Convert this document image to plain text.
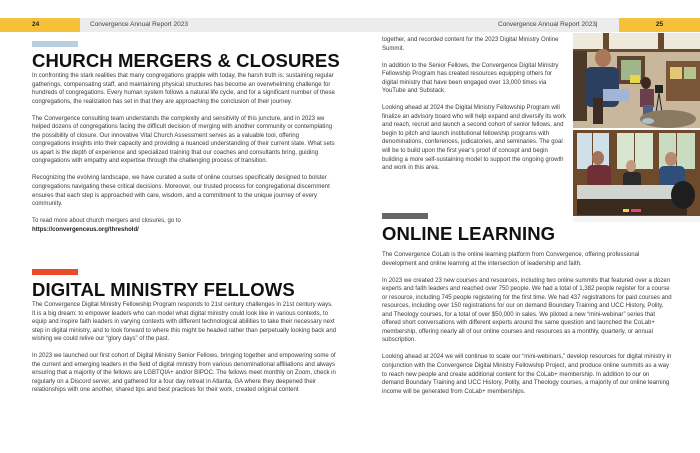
24	Convergence Annual Report 2023	Convergence Annual Report 2023|	25
CHURCH MERGERS & CLOSURES

In confronting the stark realities that many congregations grapple with today, the harsh truth is: sustaining regular gatherings, compensating staff, and maintaining physical structures has become an overwhelming challenge for hundreds of congregations. Every human system follows a natural life cycle, and for a significant number of these congregations, the realization has set in that they are approaching the conclusion of their journey.

The Convergence consulting team understands the complexity and sensitivity of this juncture, and in 2023 we helped dozens of congregations facing the difficult decision of merging with another community or contemplating the possibility of closure. Our innovative Vital Church Assessment serves as a valuable tool, offering congregations insights into their capacity and providing a nuanced understanding of their current state. What sets us apart is the depth of experience and specialized training that our coaches and consultants bring, guiding congregations with empathy and expertise through the challenging process of transition.

Recognizing the evolving landscape, we have curated a suite of online courses specifically designed to bolster congregations navigating these critical decisions. Moreover, our trusted process for congregational discernment ensures that each step is approached with care, wisdom, and a commitment to the unique journey of every community.

To read more about church mergers and closures, go to
https://convergenceus.org/threshold/
DIGITAL MINISTRY FELLOWS

The Convergence Digital Ministry Fellowship Program responds to 21st century challenges in 21st century ways. It is a big dream: to empower leaders who can model what digital ministry could look like in various contexts, to equip and inspire faith leaders in varying contexts with different technological abilities to take their necessary next step in digital ministry, and to look forward to where this might be headed rather than perpetually looking back and wishing we could relive our “glory days” of the past.

In 2023 we launched our first cohort of Digital Ministry Senior Fellows, bringing together and empowering some of the current and emerging leaders in the field of digital ministry from various denominational affiliations and always ensuring that a majority of the fellows are LGBTQIA+ and/or BIPOC. The fellows meet monthly on Zoom, check in regularly on a Discord server, and gathered for a four day retreat in Atlanta, GA where they deepened their relationships with one another, shared tips and best practices for their work, created original content

together, and recorded content for the 2023 Digital Ministry Online Summit.

In addition to the Senior Fellows, the Convergence Digital Ministry Fellowship Program has created resources equipping others for digital ministry that have been engaged over 13,000 times via YouTube and Substack.

Looking ahead at 2024 the Digital Ministry Fellowship Program will finalize an advisory board who will help expand and diversify its work and reach, recruit and launch a second cohort of senior fellows, and begin to pitch and launch institutional fellowship programs with denominations, conferences, judicatories, and seminaries. The goal will be to build upon the first year’s proof of concept and begin building a more self-sustaining model to support the ongoing growth and work in this area.

ONLINE LEARNING

The Convergence CoLab is the online learning platform from Convergence, offering professional development and online learning at the intersection of leadership and faith.

In 2023 we created 23 new courses and resources, including two online summits that featured over a dozen experts and faith leaders and reached over 750 people. We had a total of 1,382 people register for a course or resource, including 745 people registering for the first time. We had 437 registrations for paid courses and resources, including over 150 registrations for our on demand Boundary Training and UCC History, Polity, and Theology courses, for a total of over $50,000 in sales. We piloted a new “mini-webinar” series that offered short conversations with different experts around the same question and launched the CoLab+ membership, offering nearly all of our online courses and resources as a monthly, quarterly, or annual subscription.

Looking ahead at 2024 we will continue to scale our “mini-webinars,” develop resources for digital ministry in conjunction with the Convergence Digital Ministry Fellowship Project, and produce online summits as a way to reach new people and create additional content for the CoLab+ membership. In addition to our on demand Boundary Training and UCC History, Polity, and Theology courses, a majority of our online learning income will be generated from CoLab+ memberships.
